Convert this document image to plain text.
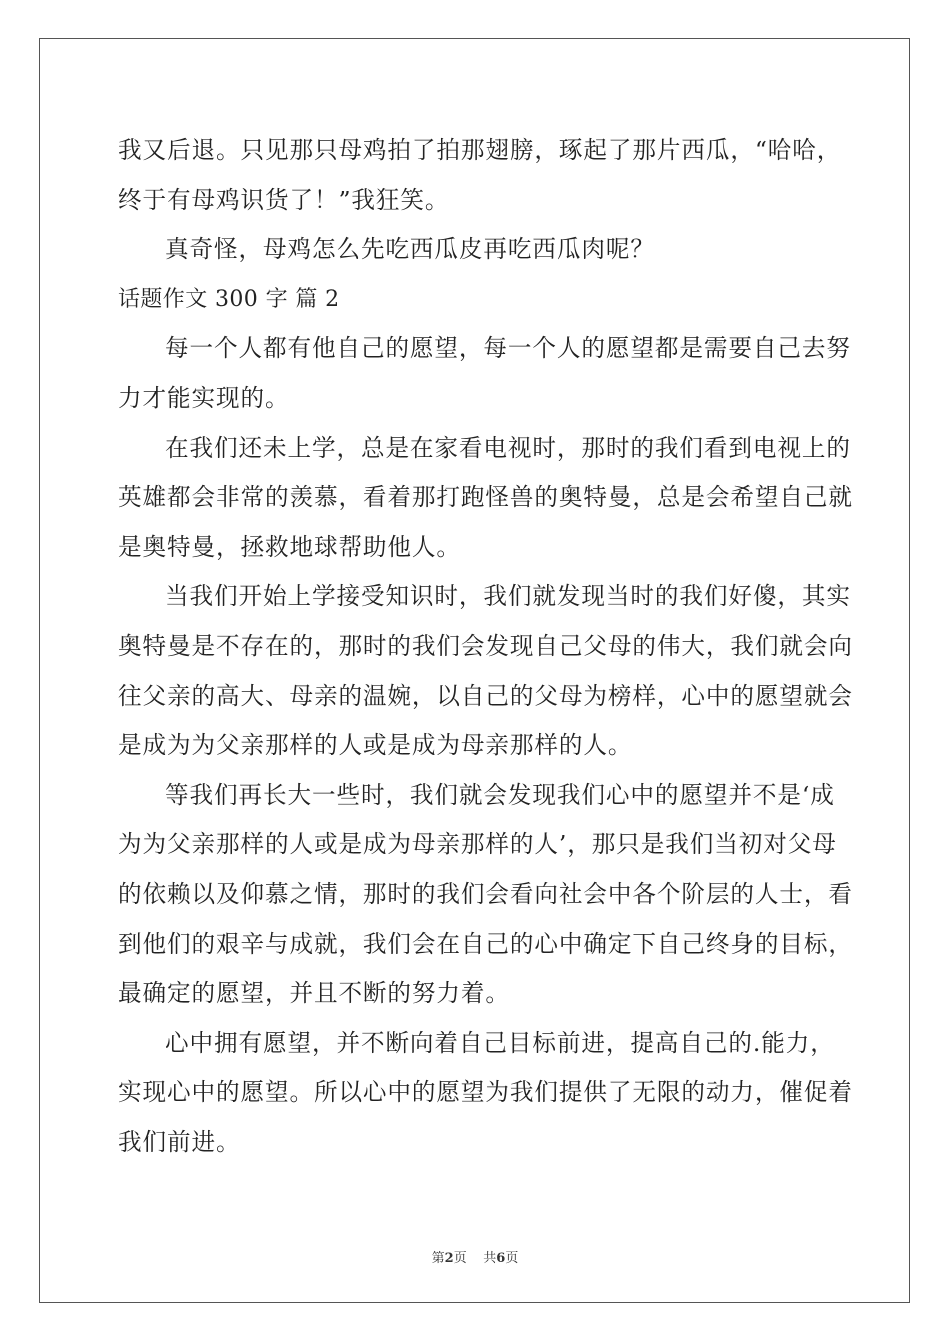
我又后退。只见那只母鸡拍了拍那翅膀，琢起了那片西瓜，“哈哈，
终于有母鸡识货了！”我狂笑。
真奇怪，母鸡怎么先吃西瓜皮再吃西瓜肉呢？
话题作文 300 字 篇 2
每一个人都有他自己的愿望，每一个人的愿望都是需要自己去努
力才能实现的。
在我们还未上学，总是在家看电视时，那时的我们看到电视上的
英雄都会非常的羡慕，看着那打跑怪兽的奥特曼，总是会希望自己就
是奥特曼，拯救地球帮助他人。
当我们开始上学接受知识时，我们就发现当时的我们好傻，其实
奥特曼是不存在的，那时的我们会发现自己父母的伟大，我们就会向
往父亲的高大、母亲的温婉，以自己的父母为榜样，心中的愿望就会
是成为为父亲那样的人或是成为母亲那样的人。
等我们再长大一些时，我们就会发现我们心中的愿望并不是‘成
为为父亲那样的人或是成为母亲那样的人’，那只是我们当初对父母
的依赖以及仰慕之情，那时的我们会看向社会中各个阶层的人士，看
到他们的艰辛与成就，我们会在自己的心中确定下自己终身的目标，
最确定的愿望，并且不断的努力着。
心中拥有愿望，并不断向着自己目标前进，提高自己的.能力，
实现心中的愿望。所以心中的愿望为我们提供了无限的动力，催促着
我们前进。
第2页 共6页
